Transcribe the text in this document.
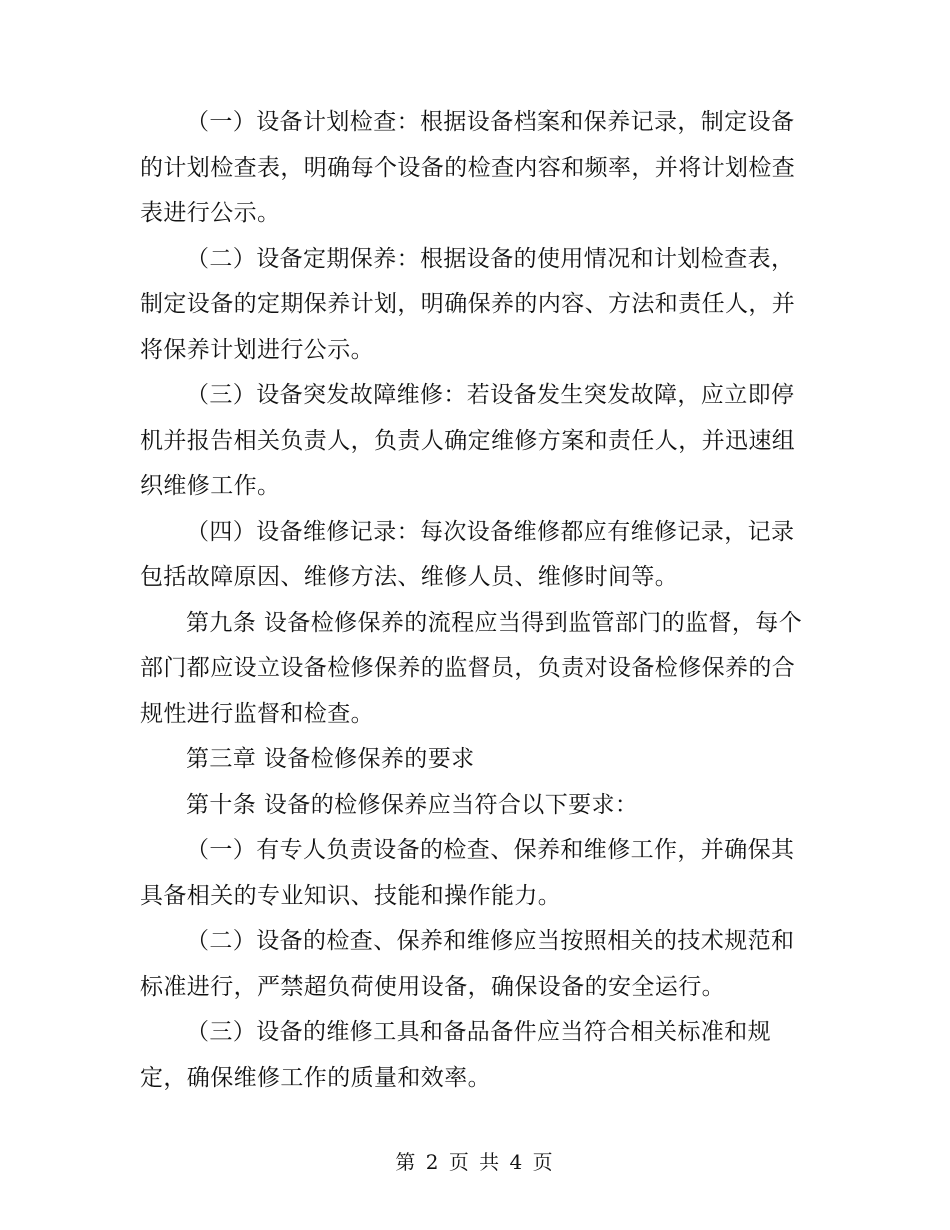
（一）设备计划检查：根据设备档案和保养记录，制定设备
的计划检查表，明确每个设备的检查内容和频率，并将计划检查
表进行公示。

（二）设备定期保养：根据设备的使用情况和计划检查表，
制定设备的定期保养计划，明确保养的内容、方法和责任人，并
将保养计划进行公示。

（三）设备突发故障维修：若设备发生突发故障，应立即停
机并报告相关负责人，负责人确定维修方案和责任人，并迅速组
织维修工作。

（四）设备维修记录：每次设备维修都应有维修记录，记录
包括故障原因、维修方法、维修人员、维修时间等。

第九条 设备检修保养的流程应当得到监管部门的监督，每个
部门都应设立设备检修保养的监督员，负责对设备检修保养的合
规性进行监督和检查。

第三章 设备检修保养的要求

第十条 设备的检修保养应当符合以下要求：

（一）有专人负责设备的检查、保养和维修工作，并确保其
具备相关的专业知识、技能和操作能力。

（二）设备的检查、保养和维修应当按照相关的技术规范和
标准进行，严禁超负荷使用设备，确保设备的安全运行。

（三）设备的维修工具和备品备件应当符合相关标准和规
定，确保维修工作的质量和效率。

第 2 页 共 4 页
